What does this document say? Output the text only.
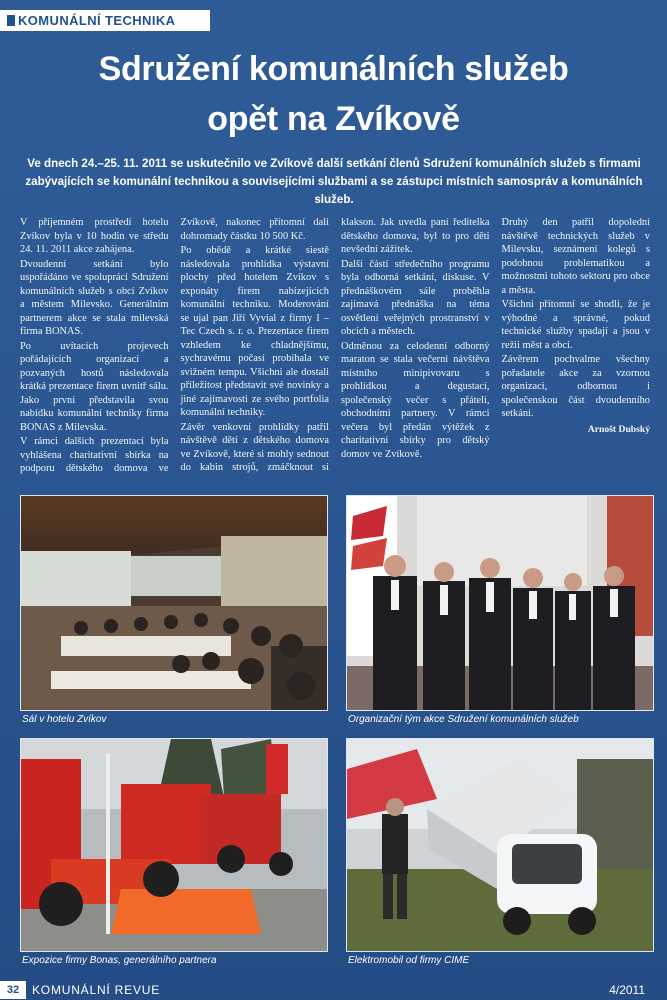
KOMUNÁLNÍ TECHNIKA
Sdružení komunálních služeb
opět na Zvíkově
Ve dnech 24.–25. 11. 2011 se uskutečnilo ve Zvíkově další setkání členů Sdružení komunálních služeb s firmami zabývajících se komunální technikou a souvisejícími službami a se zástupci místních samospráv a komunálních služeb.

V příjemném prostředí hotelu Zvíkov byla v 10 hodin ve středu 24. 11. 2011 akce zahájena.

Dvoudenní setkání bylo uspořádáno ve spolupráci Sdružení komunálních služeb s obcí Zvíkov a městem Milevsko. Generálním partnerem akce se stala milevská firma BONAS.

Po uvítacích projevech pořádajících organizací a pozvaných hostů následovala krátká prezentace firem uvnitř sálu. Jako první představila svou nabídku komunální techniky firma BONAS z Milevska.

V rámci dalších prezentací byla vyhlášena charitativní sbírka na podporu dětského domova ve Zvíkově, nakonec přítomní dali dohromady částku 10 500 Kč.

Po obědě a krátké siestě následovala prohlídka výstavní plochy před hotelem Zvíkov s exponáty firem nabízejících komunální techniku. Moderování se ujal pan Jiří Vyvial z firmy I – Tec Czech s. r. o. Prezentace firem vzhledem ke chladnějšímu, sychravému počasí probíhala ve svižném tempu. Všichni ale dostali příležitost představit své novinky a jiné zajímavosti ze svého portfolia komunální techniky.

Závěr venkovní prohlídky patřil návštěvě dětí z dětského domova ve Zvíkově, které si mohly sednout do kabin strojů, zmáčknout si klakson. Jak uvedla paní ředitelka dětského domova, byl to pro děti nevšední zážitek.

Další částí středečního programu byla odborná setkání, diskuse. V přednáškovém sále proběhla zajímavá přednáška na téma osvětlení veřejných prostranství v obcích a městech.

Odměnou za celodenní odborný maraton se stala večerní návštěva místního minipivovaru s prohlídkou a degustací, společenský večer s přáteli, obchodními partnery. V rámci večera byl předán výtěžek z charitativní sbírky pro dětský domov ve Zvíkově.

Druhý den patřil dopolední návštěvě technických služeb v Milevsku, seznámení kolegů s podobnou problematikou a možnostmi tohoto sektoru pro obce a města.

Všichni přítomní se shodli, že je výhodné a správné, pokud technické služby spadají a jsou v režii měst a obcí.

Závěrem pochvalme všechny pořadatele akce za vzornou organizaci, odbornou i společenskou část dvoudenního setkání.

Arnošt Dubský

Sál v hotelu Zvíkov	Organizační tým akce Sdružení komunálních služeb
Expozice firmy Bonas, generálního partnera	Elektromobil od firmy CIME
32	KOMUNÁLNÍ REVUE	4/2011
